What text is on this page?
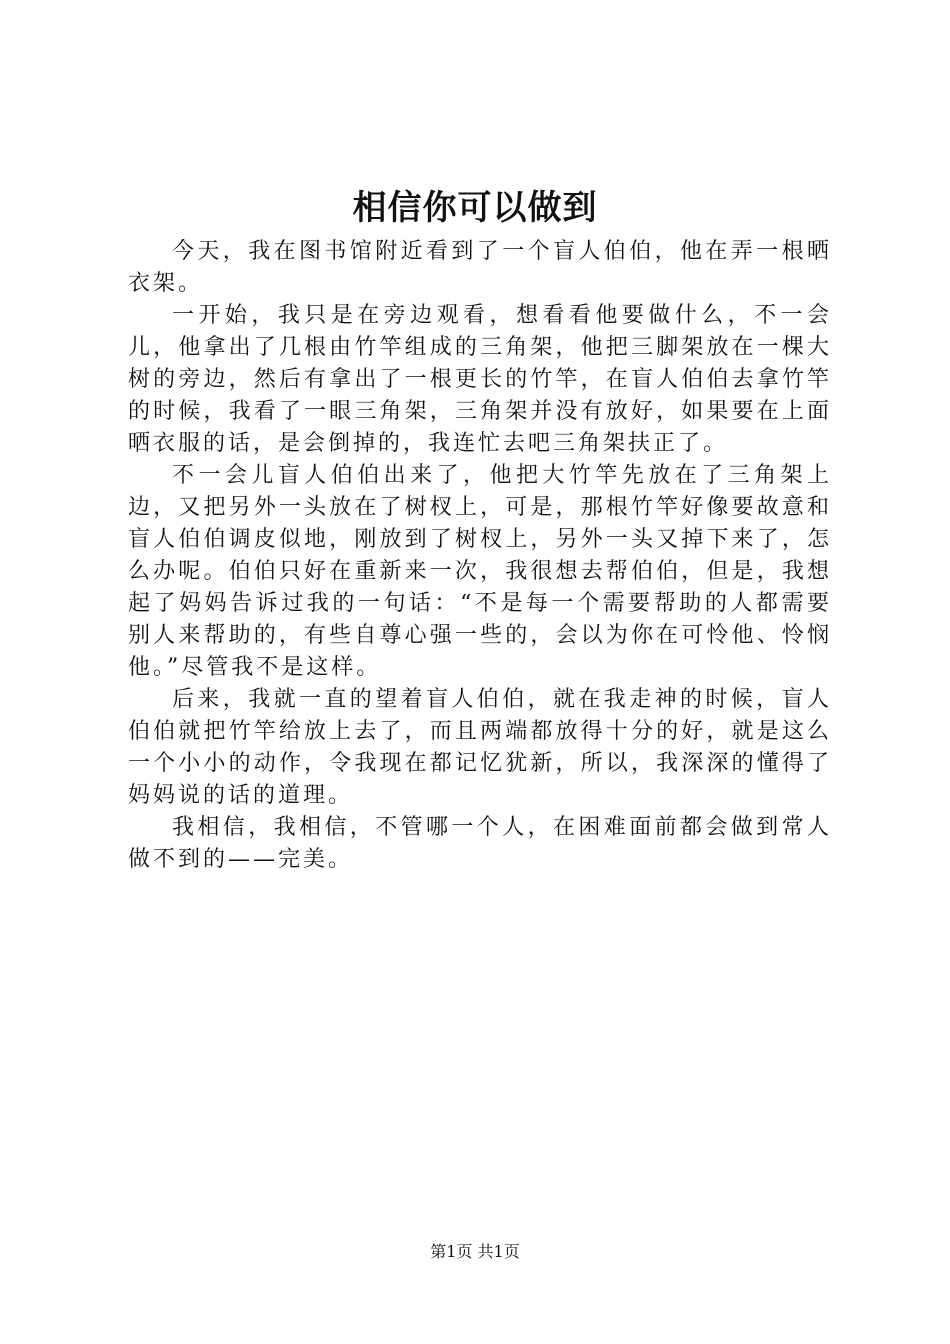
相信你可以做到

今天，我在图书馆附近看到了一个盲人伯伯，他在弄一根晒衣架。

一开始，我只是在旁边观看，想看看他要做什么，不一会儿，他拿出了几根由竹竿组成的三角架，他把三脚架放在一棵大树的旁边，然后有拿出了一根更长的竹竿，在盲人伯伯去拿竹竿的时候，我看了一眼三角架，三角架并没有放好，如果要在上面晒衣服的话，是会倒掉的，我连忙去吧三角架扶正了。

不一会儿盲人伯伯出来了，他把大竹竿先放在了三角架上边，又把另外一头放在了树杈上，可是，那根竹竿好像要故意和盲人伯伯调皮似地，刚放到了树杈上，另外一头又掉下来了，怎么办呢。伯伯只好在重新来一次，我很想去帮伯伯，但是，我想起了妈妈告诉过我的一句话：“不是每一个需要帮助的人都需要别人来帮助的，有些自尊心强一些的，会以为你在可怜他、怜悯他。”尽管我不是这样。

后来，我就一直的望着盲人伯伯，就在我走神的时候，盲人伯伯就把竹竿给放上去了，而且两端都放得十分的好，就是这么一个小小的动作，令我现在都记忆犹新，所以，我深深的懂得了妈妈说的话的道理。

我相信，我相信，不管哪一个人，在困难面前都会做到常人做不到的——完美。

第1页 共1页
